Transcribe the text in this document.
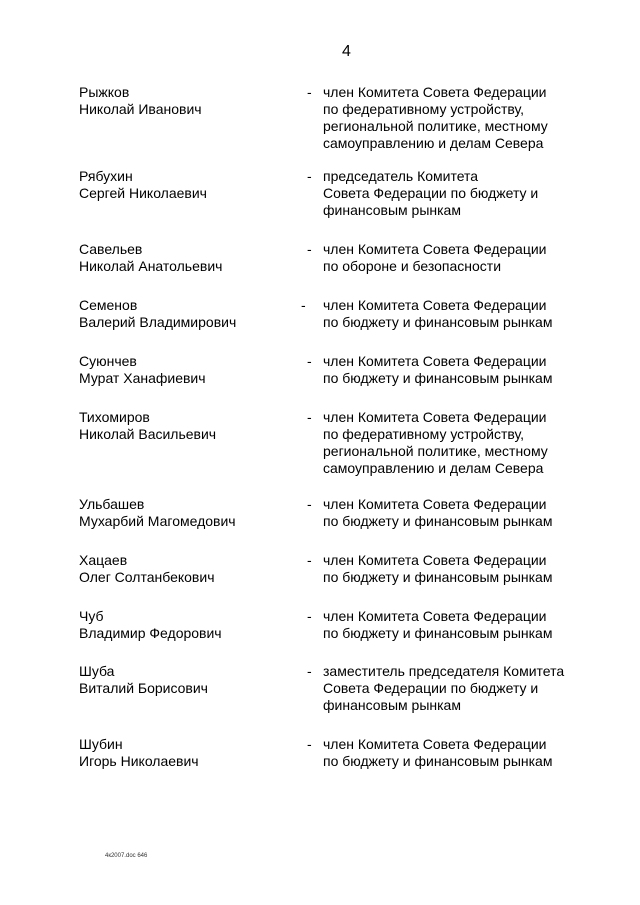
4
Рыжков
Николай Иванович
- член Комитета Совета Федерации
по федеративному устройству,
региональной политике, местному
самоуправлению и делам Севера
Рябухин
Сергей Николаевич
- председатель Комитета
Совета Федерации по бюджету и
финансовым рынкам
Савельев
Николай Анатольевич
- член Комитета Совета Федерации
по обороне и безопасности
Семенов
Валерий Владимирович
- член Комитета Совета Федерации
по бюджету и финансовым рынкам
Суюнчев
Мурат Ханафиевич
- член Комитета Совета Федерации
по бюджету и финансовым рынкам
Тихомиров
Николай Васильевич
- член Комитета Совета Федерации
по федеративному устройству,
региональной политике, местному
самоуправлению и делам Севера
Ульбашев
Мухарбий Магомедович
- член Комитета Совета Федерации
по бюджету и финансовым рынкам
Хацаев
Олег Солтанбекович
- член Комитета Совета Федерации
по бюджету и финансовым рынкам
Чуб
Владимир Федорович
- член Комитета Совета Федерации
по бюджету и финансовым рынкам
Шуба
Виталий Борисович
- заместитель председателя Комитета
Совета Федерации по бюджету и
финансовым рынкам
Шубин
Игорь Николаевич
- член Комитета Совета Федерации
по бюджету и финансовым рынкам
4к2007.doc 646
